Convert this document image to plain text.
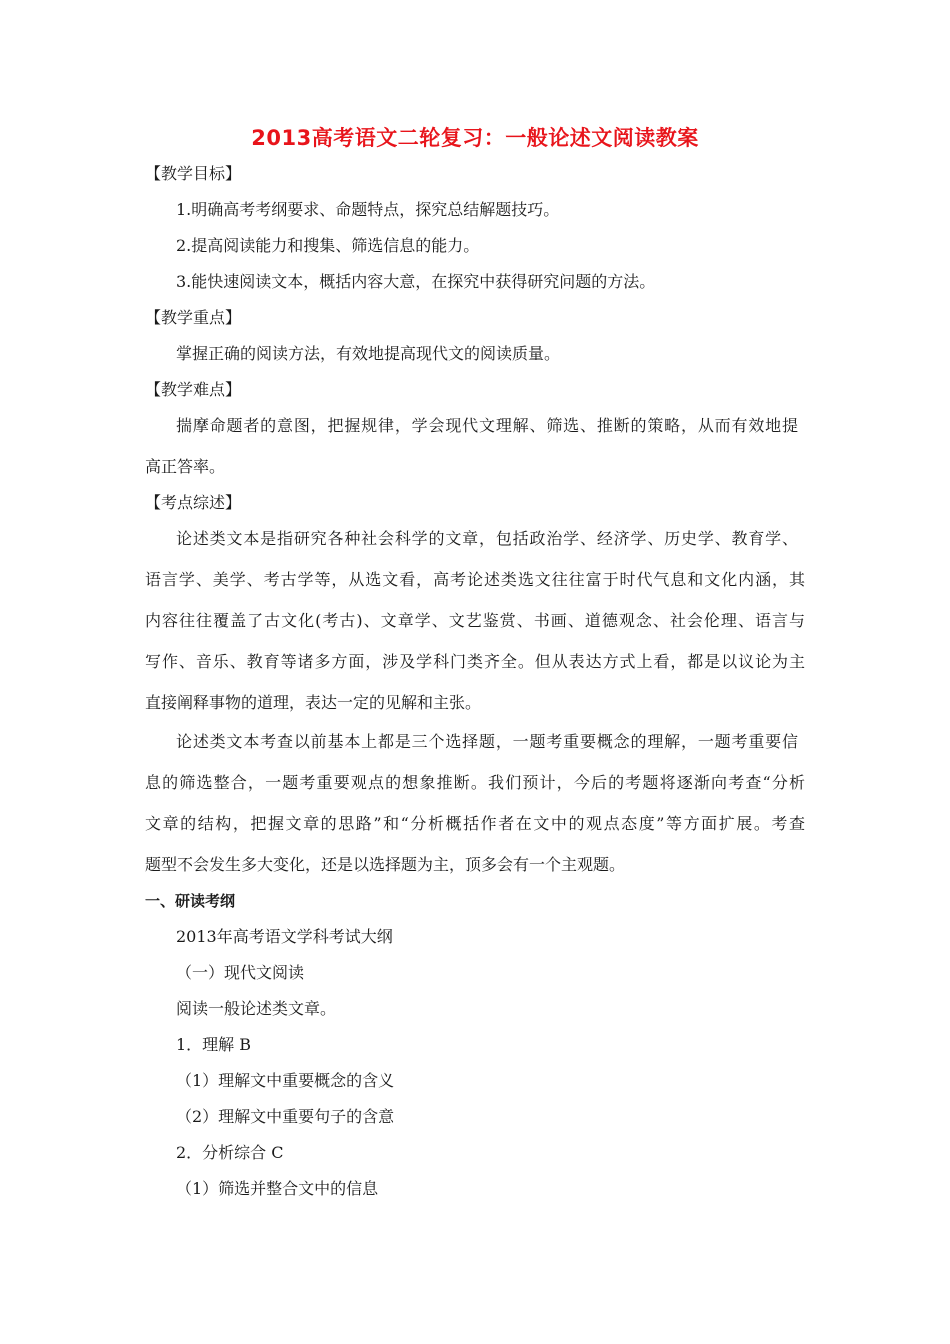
2013高考语文二轮复习：一般论述文阅读教案
【教学目标】
1.明确高考考纲要求、命题特点，探究总结解题技巧。
2.提高阅读能力和搜集、筛选信息的能力。
3.能快速阅读文本，概括内容大意，在探究中获得研究问题的方法。
【教学重点】
掌握正确的阅读方法，有效地提高现代文的阅读质量。
【教学难点】
揣摩命题者的意图，把握规律，学会现代文理解、筛选、推断的策略，从而有效地提
高正答率。
【考点综述】
论述类文本是指研究各种社会科学的文章，包括政治学、经济学、历史学、教育学、
语言学、美学、考古学等，从选文看，高考论述类选文往往富于时代气息和文化内涵，其
内容往往覆盖了古文化(考古)、文章学、文艺鉴赏、书画、道德观念、社会伦理、语言与
写作、音乐、教育等诸多方面，涉及学科门类齐全。但从表达方式上看，都是以议论为主
直接阐释事物的道理，表达一定的见解和主张。
论述类文本考查以前基本上都是三个选择题，一题考重要概念的理解，一题考重要信
息的筛选整合，一题考重要观点的想象推断。我们预计，今后的考题将逐渐向考查“分析
文章的结构，把握文章的思路”和“分析概括作者在文中的观点态度”等方面扩展。考查
题型不会发生多大变化，还是以选择题为主，顶多会有一个主观题。
一、研读考纲
2013年高考语文学科考试大纲
（一）现代文阅读
阅读一般论述类文章。
1．理解 B
（1）理解文中重要概念的含义
（2）理解文中重要句子的含意
2．分析综合 C
（1）筛选并整合文中的信息
